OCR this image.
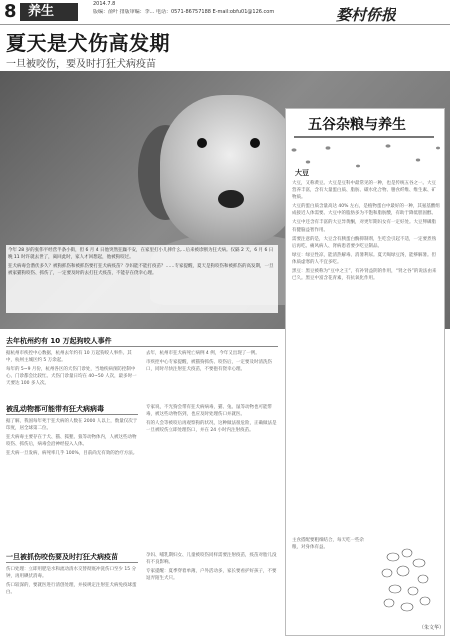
8 养生	2014.7.8
版编：俞叶 排版审编：李... 电话：0571-86757188 E-mail:obfu01@126.com	婺村侨报
夏天是犬伤高发期
一旦被咬伤，要及时打狂犬病疫苗
今年 28 岁的张伟平经营半条小街，但 6 月 4 日他突然狂躁不安，在家里打小儿摔什么…后来被诊断为狂犬病。仅隔 2 天，6 月 6 日晚 11 时许就去世了，离回此时，家人才回想起，他被狗咬过。
狂犬病毒会潜伏多久？被狗抓伤和被抓伤要打狂犬病疫苗？孕妇能不能打疫苗？……专家提醒，夏天是狗咬伤和被抓伤的高发期，一旦被家猫狗咬伤、抓伤了，一定要及时的去打狂犬疫苗，不能存在侥幸心理。
五谷杂粮与养生
大豆
大豆，又称黄豆。大豆是豆科中最常见的一种，也是传统五谷之一。大豆营养丰富，含有大量蛋白质、脂肪、碳水化合物、膳食纤维、维生素、矿物质。
大豆的蛋白质含量高达 40% 左右，是植物蛋白中最好的一种，其氨基酸组成接近人体需要。大豆中的脂肪多为不饱和脂肪酸，有助于降低胆固醇。
大豆中还含有丰富的大豆异黄酮，对更年期妇女有一定好处。大豆卵磷脂有健脑益智作用。
需要注意的是，大豆含有胰蛋白酶抑制剂，生吃会引起不适，一定要煮熟后再吃。痛风病人、肾病患者要少吃豆制品。
绿豆：绿豆性凉，能清热解毒、消暑利尿。夏天喝绿豆汤，能够解暑。但体质虚寒的人不宜多吃。
黑豆：黑豆被称为“豆中之王”，有补肾益阴的作用，“肾之谷”的说法由来已久。黑豆中富含花青素，有抗氧化作用。
主食搭配要粗细结合，每天吃一些杂粮，对身体有益。
（朱文华）
去年杭州约有 10 万起狗咬人事件
据杭州市疾控中心数据，杭州去年约有 10 万起狗咬人事件。其中，杭州主城区约 5 万余起。
每年的 5~9 月份，杭州各区的犬伤门诊处，当地疾病预防控制中心、门诊都会比较忙。犬伤门诊量日均在 40~50 人次，最多时一天要达 100 多人次。
去年，杭州市狂犬病死亡病例 4 例，今年又出现了一例。
市疾控中心专家提醒，被猫狗抓伤、咬伤后，一定要及时清洗伤口，同时尽快注射狂犬疫苗，不要抱有侥幸心理。
被乱动物都可能带有狂犬病病毒
据了解，我国每年死于狂犬病的人数在 2000 人以上，数量仅次于印度，居全球第二位。
狂犬病毒主要存在于犬、猫、狐狸、狼等动物体内，人被这些动物咬伤、抓伤后，病毒会沿神经侵入人体。
狂犬病一旦发病，病死率几乎 100%，目前尚无有效的治疗方法。
专家说，不光狗会带有狂犬病病毒，猫、兔、鼠等动物也可能带毒，被这些动物伤到，也应及时处理伤口并就医。
有的人会等被咬后再观察狗的状况，这种做法很危险，正确做法是一旦被咬伤立即处理伤口，并在 24 小时内注射疫苗。
一旦被抓伤咬伤要及时打狂犬病疫苗
伤口处理：立即用肥皂水和流动清水交替彻底冲洗伤口至少 15 分钟，再用碘伏消毒。
伤口较深的，要就医进行清创处理，并按规定注射狂犬病免疫球蛋白。
孕妇、哺乳期妇女、儿童被咬伤同样需要注射疫苗，疫苗对胎儿没有不良影响。
专家提醒：夏季穿着单薄，户外活动多，家长要看护好孩子，不要逗弄陌生犬只。
